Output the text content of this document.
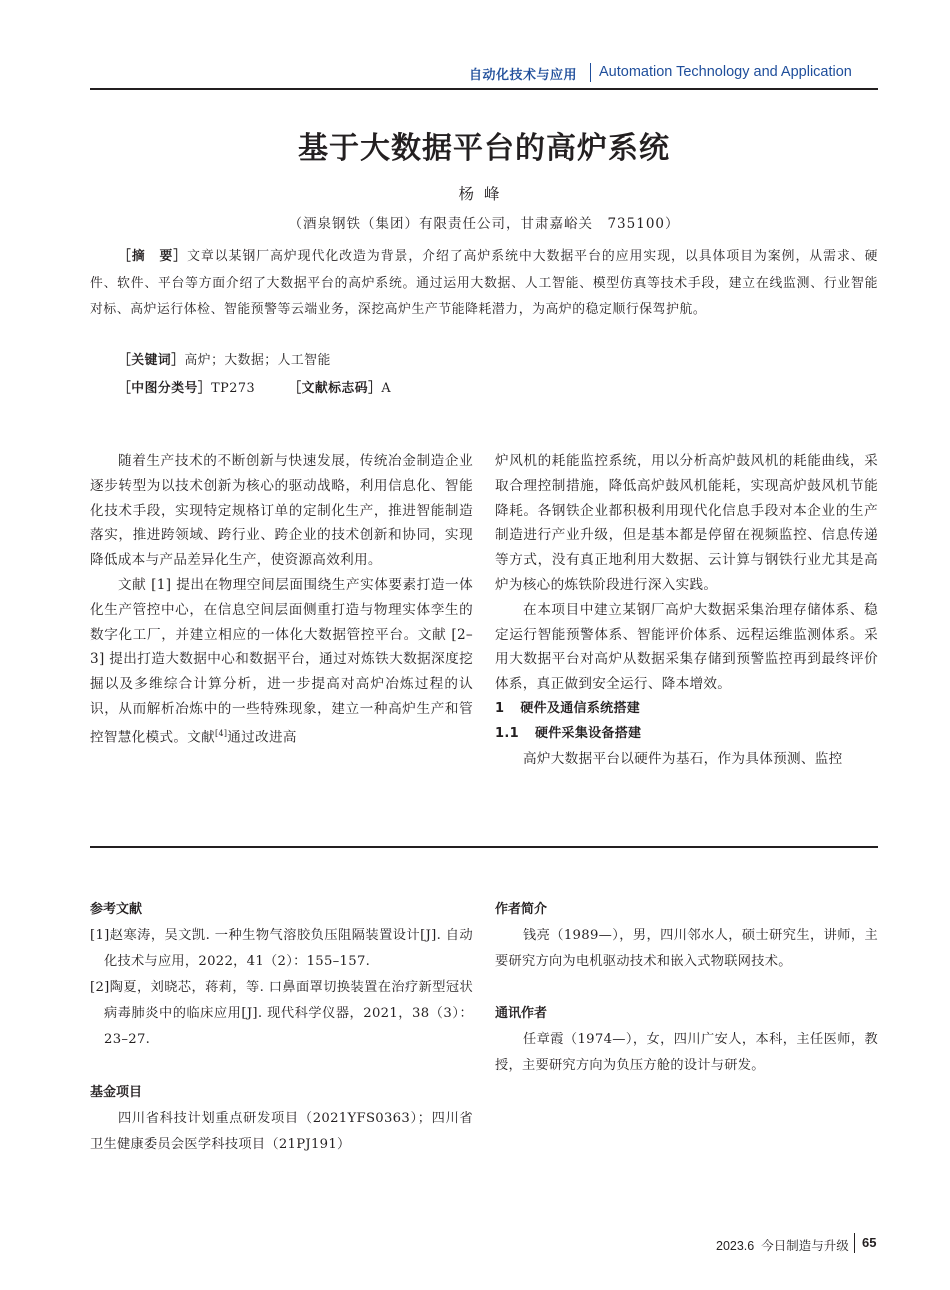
自动化技术与应用 Automation Technology and Application
基于大数据平台的高炉系统
杨峰
（酒泉钢铁（集团）有限责任公司，甘肃嘉峪关　735100）
［摘　要］文章以某钢厂高炉现代化改造为背景，介绍了高炉系统中大数据平台的应用实现，以具体项目为案例，从需求、硬件、软件、平台等方面介绍了大数据平台的高炉系统。通过运用大数据、人工智能、模型仿真等技术手段，建立在线监测、行业智能对标、高炉运行体检、智能预警等云端业务，深挖高炉生产节能降耗潜力，为高炉的稳定顺行保驾护航。
［关键词］高炉；大数据；人工智能
［中图分类号］TP273	［文献标志码］A

随着生产技术的不断创新与快速发展，传统冶金制造企业逐步转型为以技术创新为核心的驱动战略，利用信息化、智能化技术手段，实现特定规格订单的定制化生产，推进智能制造落实，推进跨领域、跨行业、跨企业的技术创新和协同，实现降低成本与产品差异化生产，使资源高效利用。

文献 [1] 提出在物理空间层面围绕生产实体要素打造一体化生产管控中心，在信息空间层面侧重打造与物理实体孪生的数字化工厂，并建立相应的一体化大数据管控平台。文献 [2–3] 提出打造大数据中心和数据平台，通过对炼铁大数据深度挖掘以及多维综合计算分析，进一步提高对高炉冶炼过程的认识，从而解析冶炼中的一些特殊现象，建立一种高炉生产和管控智慧化模式。文献[4]通过改进高

炉风机的耗能监控系统，用以分析高炉鼓风机的耗能曲线，采取合理控制措施，降低高炉鼓风机能耗，实现高炉鼓风机节能降耗。各钢铁企业都积极利用现代化信息手段对本企业的生产制造进行产业升级，但是基本都是停留在视频监控、信息传递等方式，没有真正地利用大数据、云计算与钢铁行业尤其是高炉为核心的炼铁阶段进行深入实践。

在本项目中建立某钢厂高炉大数据采集治理存储体系、稳定运行智能预警体系、智能评价体系、远程运维监测体系。采用大数据平台对高炉从数据采集存储到预警监控再到最终评价体系，真正做到安全运行、降本增效。

1 硬件及通信系统搭建

1.1 硬件采集设备搭建

高炉大数据平台以硬件为基石，作为具体预测、监控

参考文献

[1]赵寒涛，吴文凯. 一种生物气溶胶负压阻隔装置设计[J]. 自动化技术与应用，2022，41（2）：155–157.

[2]陶夏，刘晓芯，蒋莉，等. 口鼻面罩切换装置在治疗新型冠状病毒肺炎中的临床应用[J]. 现代科学仪器，2021，38（3）：23–27.

基金项目

四川省科技计划重点研发项目（2021YFS0363）；四川省卫生健康委员会医学科技项目（21PJ191）

作者简介

钱亮（1989—），男，四川邻水人，硕士研究生，讲师，主要研究方向为电机驱动技术和嵌入式物联网技术。

通讯作者

任章霞（1974—），女，四川广安人，本科，主任医师，教授，主要研究方向为负压方舱的设计与研发。

2023.6 今日制造与升级 65
